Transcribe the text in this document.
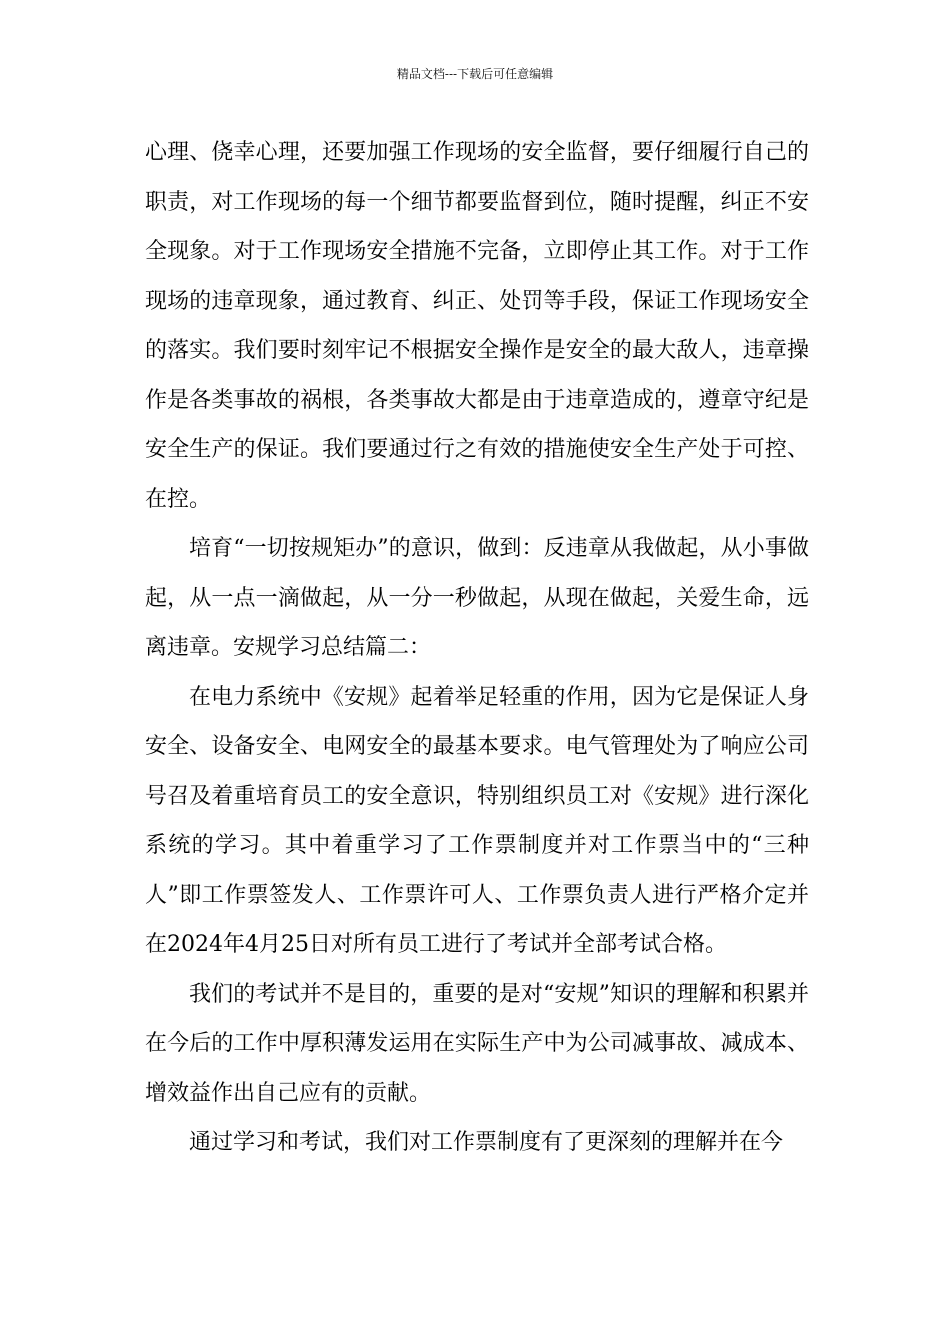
精品文档---下载后可任意编辑

心理、侥幸心理，还要加强工作现场的安全监督，要仔细履行自己的职责，对工作现场的每一个细节都要监督到位，随时提醒，纠正不安全现象。对于工作现场安全措施不完备，立即停止其工作。对于工作现场的违章现象，通过教育、纠正、处罚等手段，保证工作现场安全的落实。我们要时刻牢记不根据安全操作是安全的最大敌人，违章操作是各类事故的祸根，各类事故大都是由于违章造成的，遵章守纪是安全生产的保证。我们要通过行之有效的措施使安全生产处于可控、在控。

培育“一切按规矩办”的意识，做到：反违章从我做起，从小事做起，从一点一滴做起，从一分一秒做起，从现在做起，关爱生命，远离违章。安规学习总结篇二：

在电力系统中《安规》起着举足轻重的作用，因为它是保证人身安全、设备安全、电网安全的最基本要求。电气管理处为了响应公司号召及着重培育员工的安全意识，特别组织员工对《安规》进行深化系统的学习。其中着重学习了工作票制度并对工作票当中的“三种人”即工作票签发人、工作票许可人、工作票负责人进行严格介定并在2024年4月25日对所有员工进行了考试并全部考试合格。

我们的考试并不是目的，重要的是对“安规”知识的理解和积累并在今后的工作中厚积薄发运用在实际生产中为公司减事故、减成本、增效益作出自己应有的贡献。

通过学习和考试，我们对工作票制度有了更深刻的理解并在今
